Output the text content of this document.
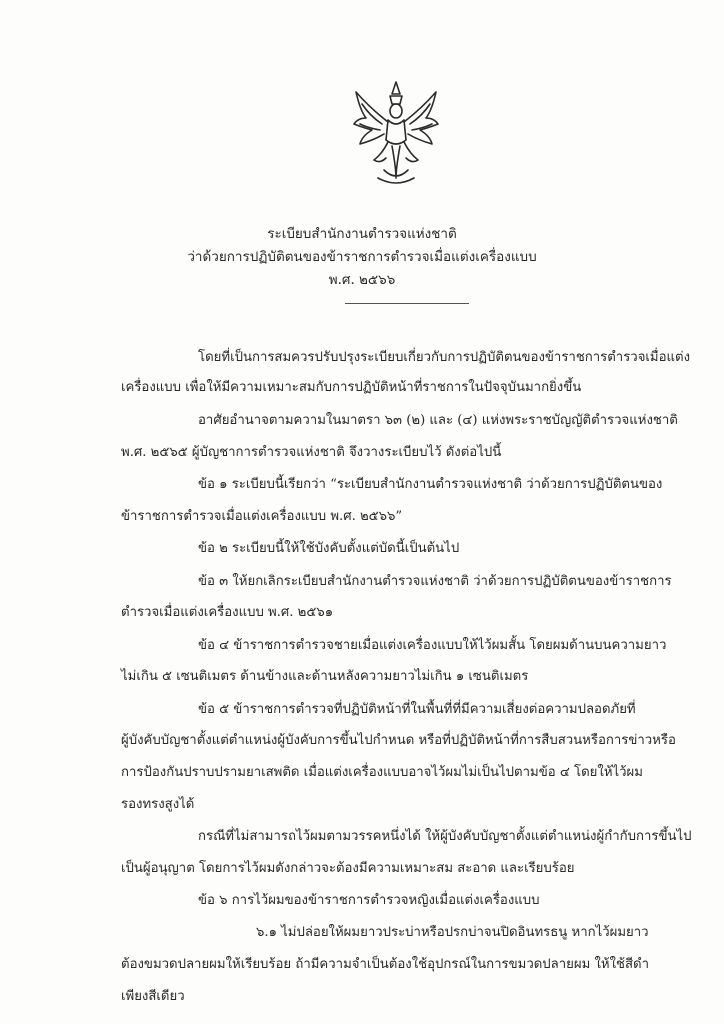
ระเบียบสำนักงานตำรวจแห่งชาติ
ว่าด้วยการปฏิบัติตนของข้าราชการตำรวจเมื่อแต่งเครื่องแบบ
พ.ศ. ๒๕๖๖
โดยที่เป็นการสมควรปรับปรุงระเบียบเกี่ยวกับการปฏิบัติตนของข้าราชการตำรวจเมื่อแต่ง
เครื่องแบบ เพื่อให้มีความเหมาะสมกับการปฏิบัติหน้าที่ราชการในปัจจุบันมากยิ่งขึ้น
อาศัยอำนาจตามความในมาตรา ๖๓ (๒) และ (๔) แห่งพระราชบัญญัติตำรวจแห่งชาติ
พ.ศ. ๒๕๖๕ ผู้บัญชาการตำรวจแห่งชาติ จึงวางระเบียบไว้ ดังต่อไปนี้
ข้อ ๑ ระเบียบนี้เรียกว่า “ระเบียบสำนักงานตำรวจแห่งชาติ ว่าด้วยการปฏิบัติตนของ
ข้าราชการตำรวจเมื่อแต่งเครื่องแบบ พ.ศ. ๒๕๖๖”
ข้อ ๒ ระเบียบนี้ให้ใช้บังคับตั้งแต่บัดนี้เป็นต้นไป
ข้อ ๓ ให้ยกเลิกระเบียบสำนักงานตำรวจแห่งชาติ ว่าด้วยการปฏิบัติตนของข้าราชการ
ตำรวจเมื่อแต่งเครื่องแบบ พ.ศ. ๒๕๖๑
ข้อ ๔ ข้าราชการตำรวจชายเมื่อแต่งเครื่องแบบให้ไว้ผมสั้น โดยผมด้านบนความยาว
ไม่เกิน ๕ เซนติเมตร ด้านข้างและด้านหลังความยาวไม่เกิน ๑ เซนติเมตร
ข้อ ๕ ข้าราชการตำรวจที่ปฏิบัติหน้าที่ในพื้นที่ที่มีความเสี่ยงต่อความปลอดภัยที่
ผู้บังคับบัญชาตั้งแต่ตำแหน่งผู้บังคับการขึ้นไปกำหนด หรือที่ปฏิบัติหน้าที่การสืบสวนหรือการข่าวหรือ
การป้องกันปราบปรามยาเสพติด เมื่อแต่งเครื่องแบบอาจไว้ผมไม่เป็นไปตามข้อ ๔ โดยให้ไว้ผม
รองทรงสูงได้
กรณีที่ไม่สามารถไว้ผมตามวรรคหนึ่งได้ ให้ผู้บังคับบัญชาตั้งแต่ตำแหน่งผู้กำกับการขึ้นไป
เป็นผู้อนุญาต โดยการไว้ผมดังกล่าวจะต้องมีความเหมาะสม สะอาด และเรียบร้อย
ข้อ ๖ การไว้ผมของข้าราชการตำรวจหญิงเมื่อแต่งเครื่องแบบ
๖.๑ ไม่ปล่อยให้ผมยาวประบ่าหรือปรกบ่าจนปิดอินทรธนู หากไว้ผมยาว
ต้องขมวดปลายผมให้เรียบร้อย ถ้ามีความจำเป็นต้องใช้อุปกรณ์ในการขมวดปลายผม ให้ใช้สีดำ
เพียงสีเดียว
